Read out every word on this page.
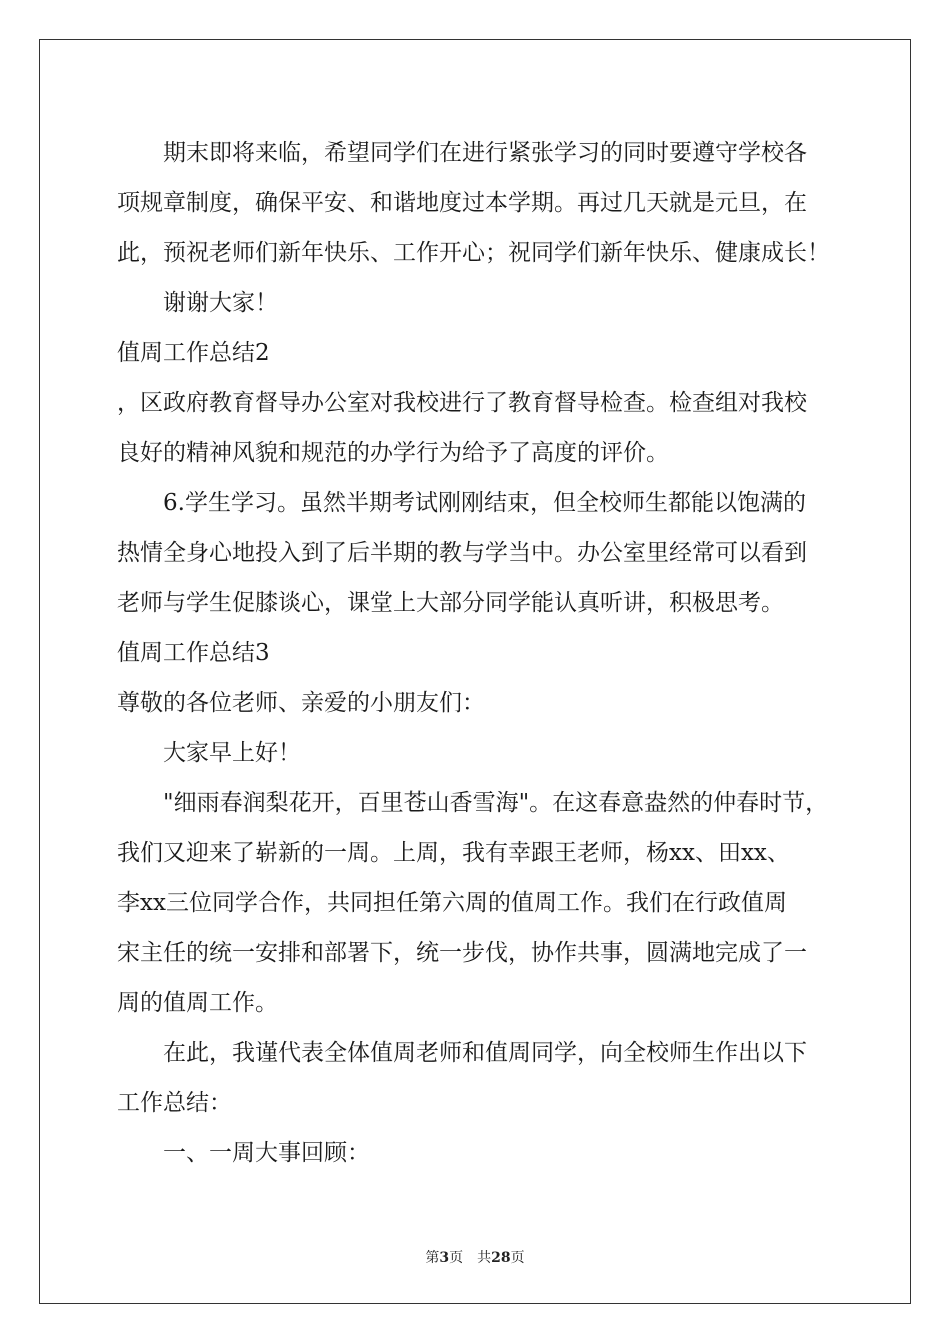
期末即将来临，希望同学们在进行紧张学习的同时要遵守学校各
项规章制度，确保平安、和谐地度过本学期。再过几天就是元旦，在
此，预祝老师们新年快乐、工作开心；祝同学们新年快乐、健康成长！
谢谢大家！
值周工作总结2
，区政府教育督导办公室对我校进行了教育督导检查。检查组对我校
良好的精神风貌和规范的办学行为给予了高度的评价。
6.学生学习。虽然半期考试刚刚结束，但全校师生都能以饱满的
热情全身心地投入到了后半期的教与学当中。办公室里经常可以看到
老师与学生促膝谈心，课堂上大部分同学能认真听讲，积极思考。
值周工作总结3
尊敬的各位老师、亲爱的小朋友们：
大家早上好！
"细雨春润梨花开，百里苍山香雪海"。在这春意盎然的仲春时节，
我们又迎来了崭新的一周。上周，我有幸跟王老师，杨xx、田xx、
李xx三位同学合作，共同担任第六周的值周工作。我们在行政值周
宋主任的统一安排和部署下，统一步伐，协作共事，圆满地完成了一
周的值周工作。
在此，我谨代表全体值周老师和值周同学，向全校师生作出以下
工作总结：
一、一周大事回顾：
第3页　共28页
